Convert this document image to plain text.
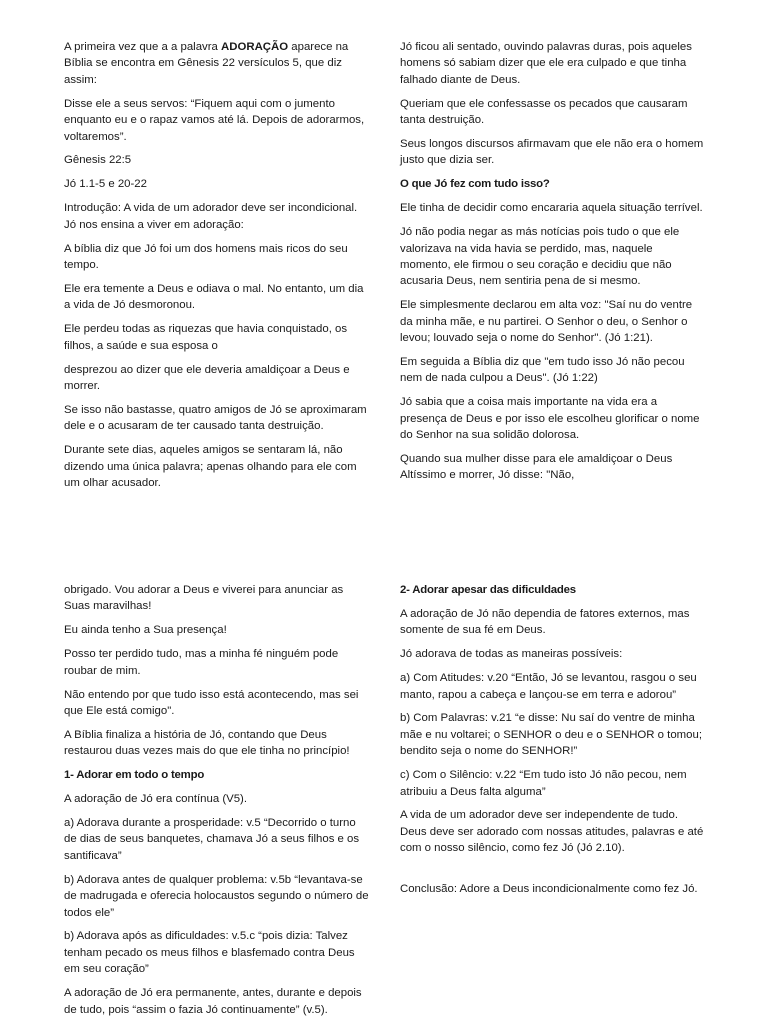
A primeira vez que a a palavra ADORAÇÃO aparece na Bíblia se encontra em Gênesis 22 versículos 5, que diz assim:

Disse ele a seus servos: “Fiquem aqui com o jumento enquanto eu e o rapaz vamos até lá. Depois de adorarmos, voltaremos”.

Gênesis 22:5

Jó 1.1-5 e 20-22

Introdução: A vida de um adorador deve ser incondicional. Jó nos ensina a viver em adoração:

A bíblia diz que Jó foi um dos homens mais ricos do seu tempo.

Ele era temente a Deus e odiava o mal. No entanto, um dia a vida de Jó desmoronou.

Ele perdeu todas as riquezas que havia conquistado, os filhos, a saúde e sua esposa o

desprezou ao dizer que ele deveria amaldiçoar a Deus e morrer.

Se isso não bastasse, quatro amigos de Jó se aproximaram dele e o acusaram de ter causado tanta destruição.

Durante sete dias, aqueles amigos se sentaram lá, não dizendo uma única palavra; apenas olhando para ele com um olhar acusador.

Jó ficou ali sentado, ouvindo palavras duras, pois aqueles homens só sabiam dizer que ele era culpado e que tinha falhado diante de Deus.

Queriam que ele confessasse os pecados que causaram tanta destruição.

Seus longos discursos afirmavam que ele não era o homem justo que dizia ser.

O que Jó fez com tudo isso?

Ele tinha de decidir como encararia aquela situação terrível.

Jó não podia negar as más notícias pois tudo o que ele valorizava na vida havia se perdido, mas, naquele momento, ele firmou o seu coração e decidiu que não acusaria Deus, nem sentiria pena de si mesmo.

Ele simplesmente declarou em alta voz: "Saí nu do ventre da minha mãe, e nu partirei. O Senhor o deu, o Senhor o levou; louvado seja o nome do Senhor". (Jó 1:21).

Em seguida a Bíblia diz que "em tudo isso Jó não pecou nem de nada culpou a Deus". (Jó 1:22)

Jó sabia que a coisa mais importante na vida era a presença de Deus e por isso ele escolheu glorificar o nome do Senhor na sua solidão dolorosa.

Quando sua mulher disse para ele amaldiçoar o Deus Altíssimo e morrer, Jó disse: "Não,

obrigado. Vou adorar a Deus e viverei para anunciar as Suas maravilhas!

Eu ainda tenho a Sua presença!

Posso ter perdido tudo, mas a minha fé ninguém pode roubar de mim.

Não entendo por que tudo isso está acontecendo, mas sei que Ele está comigo".

A Bíblia finaliza a história de Jó, contando que Deus restaurou duas vezes mais do que ele tinha no princípio!

1- Adorar em todo o tempo

A adoração de Jó era contínua (V5).

a) Adorava durante a prosperidade: v.5 “Decorrido o turno de dias de seus banquetes, chamava Jó a seus filhos e os santificava”

b) Adorava antes de qualquer problema: v.5b “levantava-se de madrugada e oferecia holocaustos segundo o número de todos ele”

b) Adorava após as dificuldades: v.5.c “pois dizia: Talvez tenham pecado os meus filhos e blasfemado contra Deus em seu coração”

A adoração de Jó era permanente, antes, durante e depois de tudo, pois “assim o fazia Jó continuamente” (v.5).

2- Adorar apesar das dificuldades

A adoração de Jó não dependia de fatores externos, mas somente de sua fé em Deus.

Jó adorava de todas as maneiras possíveis:

a) Com Atitudes: v.20 “Então, Jó se levantou, rasgou o seu manto, rapou a cabeça e lançou-se em terra e adorou”

b) Com Palavras: v.21 “e disse: Nu saí do ventre de minha mãe e nu voltarei; o SENHOR o deu e o SENHOR o tomou; bendito seja o nome do SENHOR!”

c) Com o Silêncio: v.22 “Em tudo isto Jó não pecou, nem atribuiu a Deus falta alguma”

A vida de um adorador deve ser independente de tudo. Deus deve ser adorado com nossas atitudes, palavras e até com o nosso silêncio, como fez Jó (Jó 2.10).

Conclusão: Adore a Deus incondicionalmente como fez Jó.
